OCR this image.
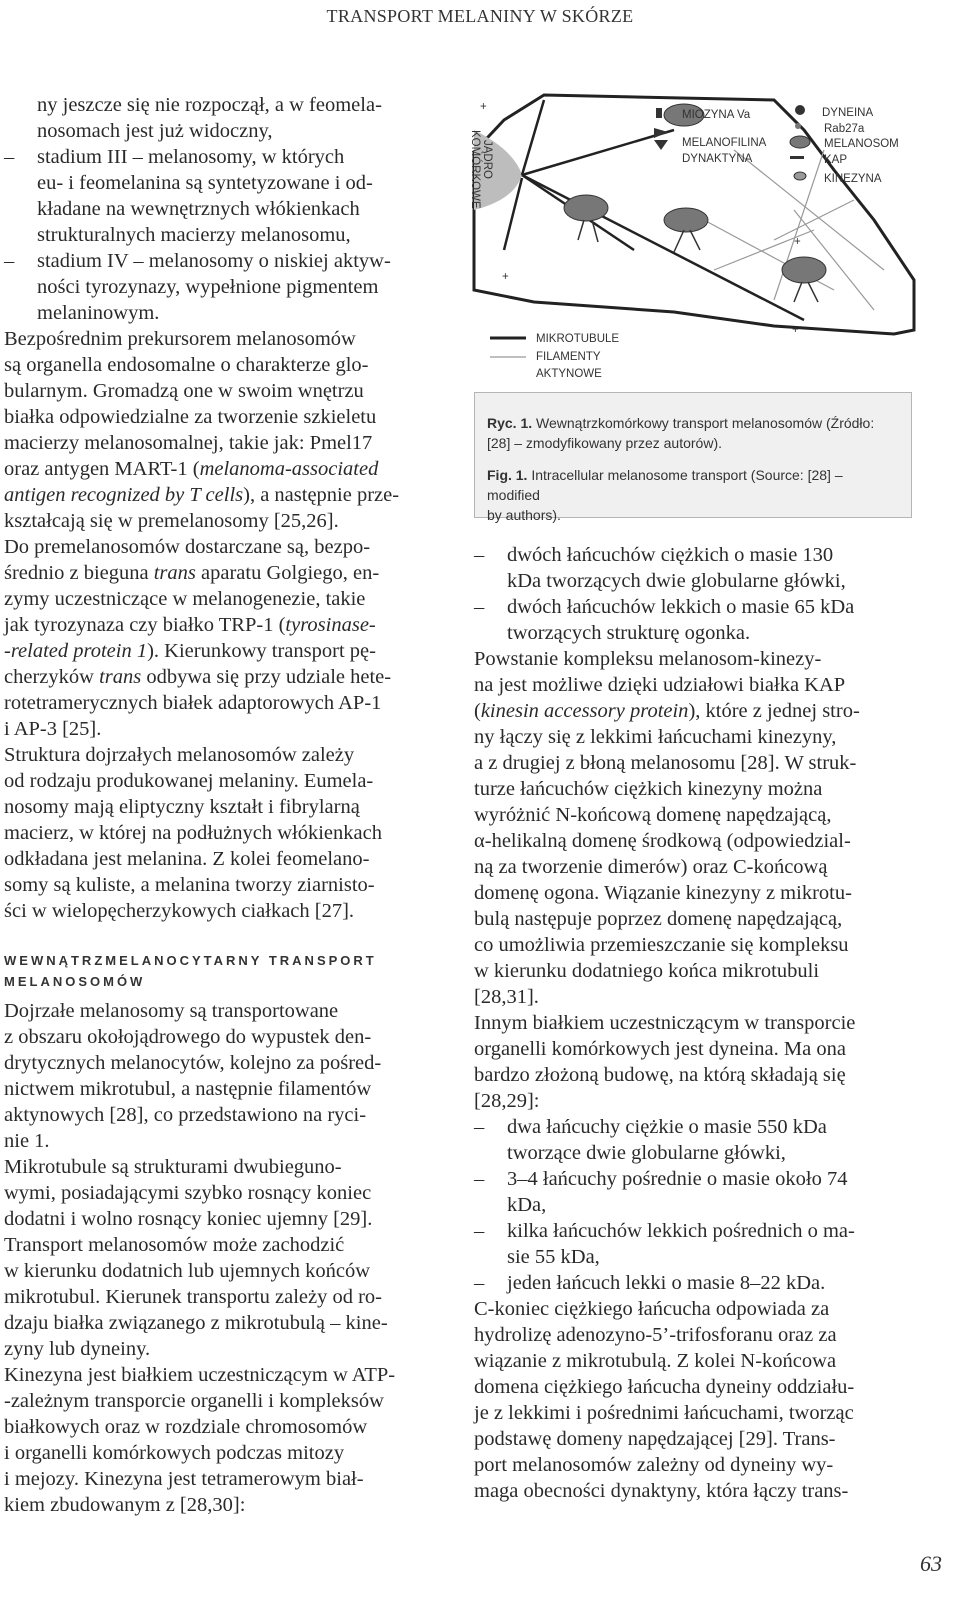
TRANSPORT MELANINY W SKÓRZE

ny jeszcze się nie rozpoczął, a w feomela-
nosomach jest już widoczny,

–	stadium III – melanosomy, w których
eu- i feomelanina są syntetyzowane i od-
kładane na wewnętrznych włókienkach
strukturalnych macierzy melanosomu,
–	stadium IV – melanosomy o niskiej aktyw-
ności tyrozynazy, wypełnione pigmentem
melaninowym.

Bezpośrednim prekursorem melanosomów
są organella endosomalne o charakterze glo-
bularnym. Gromadzą one w swoim wnętrzu
białka odpowiedzialne za tworzenie szkieletu
macierzy melanosomalnej, takie jak: Pmel17
oraz antygen MART-1 (melanoma-associated
antigen recognized by T cells), a następnie prze-
kształcają się w premelanosomy [25,26].

Do premelanosomów dostarczane są, bezpo-
średnio z bieguna trans aparatu Golgiego, en-
zymy uczestniczące w melanogenezie, takie
jak tyrozynaza czy białko TRP-1 (tyrosinase-
-related protein 1). Kierunkowy transport pę-
cherzyków trans odbywa się przy udziale hete-
rotetramerycznych białek adaptorowych AP-1
i AP-3 [25].

Struktura dojrzałych melanosomów zależy
od rodzaju produkowanej melaniny. Eumela-
nosomy mają eliptyczny kształt i fibrylarną
macierz, w której na podłużnych włókienkach
odkładana jest melanina. Z kolei feomelano-
somy są kuliste, a melanina tworzy ziarnisto-
ści w wielopęcherzykowych ciałkach [27].

WEWNĄTRZMELANOCYTARNY TRANSPORT
MELANOSOMÓW

Dojrzałe melanosomy są transportowane
z obszaru okołojądrowego do wypustek den-
drytycznych melanocytów, kolejno za pośred-
nictwem mikrotubul, a następnie filamentów
aktynowych [28], co przedstawiono na ryci-
nie 1.

Mikrotubule są strukturami dwubieguno-
wymi, posiadającymi szybko rosnący koniec
dodatni i wolno rosnący koniec ujemny [29].
Transport melanosomów może zachodzić
w kierunku dodatnich lub ujemnych końców
mikrotubul. Kierunek transportu zależy od ro-
dzaju białka związanego z mikrotubulą – kine-
zyny lub dyneiny.

Kinezyna jest białkiem uczestniczącym w ATP-
-zależnym transporcie organelli i kompleksów
białkowych oraz w rozdziale chromosomów
i organelli komórkowych podczas mitozy
i mejozy. Kinezyna jest tetramerowym biał-
kiem zbudowanym z [28,30]:

JĄDROKOMÓRKOWE
+
+
+
+
MIOZYNA Va
MELANOFILINA
DYNAKTYNA
DYNEINA
Rab27a
MELANOSOM
KAP
KINEZYNA
MIKROTUBULE
FILAMENTY
AKTYNOWE
Ryc. 1. Wewnątrzkomórkowy transport melanosomów (Źródło:
[28] – zmodyfikowany przez autorów).
Fig. 1. Intracellular melanosome transport (Source: [28] – modified
by authors).
–	dwóch łańcuchów ciężkich o masie 130
kDa tworzących dwie globularne główki,
–	dwóch łańcuchów lekkich o masie 65 kDa
tworzących strukturę ogonka.

Powstanie kompleksu melanosom-kinezy-
na jest możliwe dzięki udziałowi białka KAP
(kinesin accessory protein), które z jednej stro-
ny łączy się z lekkimi łańcuchami kinezyny,
a z drugiej z błoną melanosomu [28]. W struk-
turze łańcuchów ciężkich kinezyny można
wyróżnić N-końcową domenę napędzającą,
α-helikalną domenę środkową (odpowiedzial-
ną za tworzenie dimerów) oraz C-końcową
domenę ogona. Wiązanie kinezyny z mikrotu-
bulą następuje poprzez domenę napędzającą,
co umożliwia przemieszczanie się kompleksu
w kierunku dodatniego końca mikrotubuli
[28,31].

Innym białkiem uczestniczącym w transporcie
organelli komórkowych jest dyneina. Ma ona
bardzo złożoną budowę, na którą składają się
[28,29]:

–	dwa łańcuchy ciężkie o masie 550 kDa
tworzące dwie globularne główki,
–	3–4 łańcuchy pośrednie o masie około 74
kDa,
–	kilka łańcuchów lekkich pośrednich o ma-
sie 55 kDa,
–	jeden łańcuch lekki o masie 8–22 kDa.

C-koniec ciężkiego łańcucha odpowiada za
hydrolizę adenozyno-5’-trifosforanu oraz za
wiązanie z mikrotubulą. Z kolei N-końcowa
domena ciężkiego łańcucha dyneiny oddziału-
je z lekkimi i pośrednimi łańcuchami, tworząc
podstawę domeny napędzającej [29]. Trans-
port melanosomów zależny od dyneiny wy-
maga obecności dynaktyny, która łączy trans-

63
